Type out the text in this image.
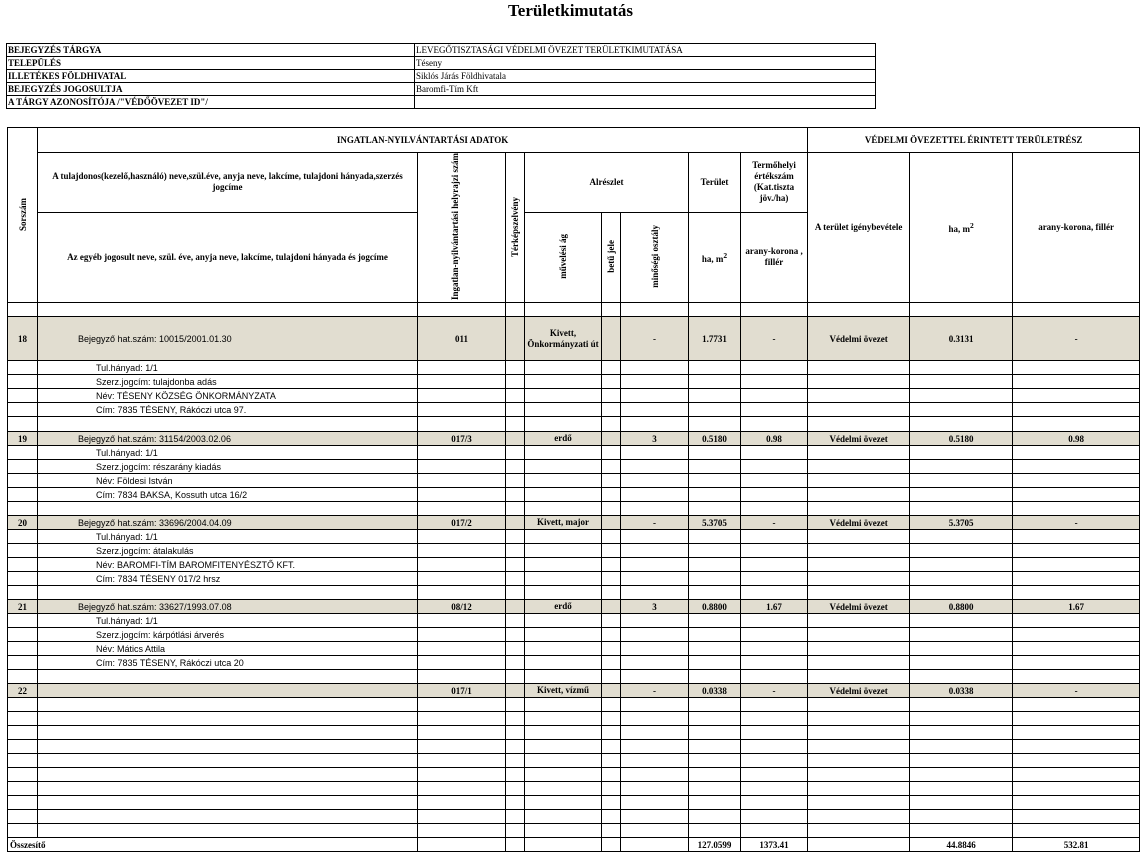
Területkimutatás
BEJEGYZÉS TÁRGYA	LEVEGŐTISZTASÁGI VÉDELMI ÖVEZET TERÜLETKIMUTATÁSA
TELEPÜLÉS	Téseny
ILLETÉKES FÖLDHIVATAL	Siklós Járás Földhivatala
BEJEGYZÉS JOGOSULTJA	Baromfi-Tím Kft
A TÁRGY AZONOSÍTÓJA /"VÉDŐÖVEZET ID"/	
Sorszám	INGATLAN-NYILVÁNTARTÁSI ADATOK								VÉDELMI ÖVEZETTEL ÉRINTETT TERÜLETRÉSZ		
	A tulajdonos(kezelő,használó) neve,szül.éve, anyja neve, lakcíme, tulajdoni hányada,szerzés jogcíme	Ingatlan-nyilvántartási helyrajzi szám	Térképszelvény	Alrészlet			Terület	Termőhelyi értékszám (Kat.tiszta jöv./ha)	A terület igénybevétele	ha, $m^2$	arany-korona, fillér
	Az egyéb jogosult neve, szül. éve, anyja neve, lakcíme, tulajdoni hányada és jogcíme			művelési ág	betű jele	minőségi osztály	ha, $m^2$	arany-korona , fillér			

18	Bejegyző hat.szám: 10015/2001.01.30	011		Kivett, Önkormányzati út		-	1.7731	-	Védelmi övezet	0.3131	-
	Tul.hányad: 1/1										
	Szerz.jogcím: tulajdonba adás										
	Név: TÉSENY KÖZSÉG ÖNKORMÁNYZATA										
	Cím: 7835 TÉSENY, Rákóczi utca 97.										

19	Bejegyző hat.szám: 31154/2003.02.06	017/3		erdő		3	0.5180	0.98	Védelmi övezet	0.5180	0.98
	Tul.hányad: 1/1										
	Szerz.jogcím: részarány kiadás										
	Név: Földesi István										
	Cím: 7834 BAKSA, Kossuth utca 16/2										

20	Bejegyző hat.szám: 33696/2004.04.09	017/2		Kivett, major		-	5.3705	-	Védelmi övezet	5.3705	-
	Tul.hányad: 1/1										
	Szerz.jogcím: átalakulás										
	Név: BAROMFI-TÍM BAROMFITENYÉSZTŐ KFT.										
	Cím: 7834 TÉSENY 017/2 hrsz										

21	Bejegyző hat.szám: 33627/1993.07.08	08/12		erdő		3	0.8800	1.67	Védelmi övezet	0.8800	1.67
	Tul.hányad: 1/1										
	Szerz.jogcím: kárpótlási árverés										
	Név: Mátics Attila										
	Cím: 7835 TÉSENY, Rákóczi utca 20										

22		017/1		Kivett, vízmű		-	0.0338	-	Védelmi övezet	0.0338	-

Összesítő							127.0599	1373.41		44.8846	532.81
